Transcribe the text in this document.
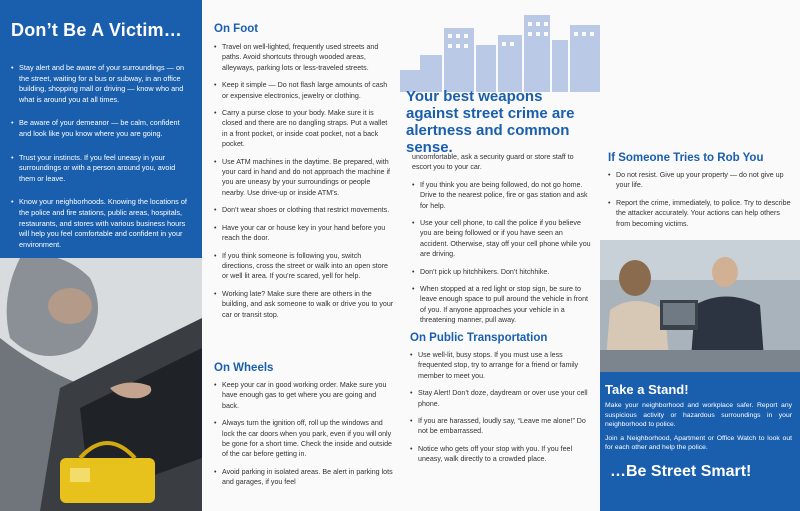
Don’t Be A Victim…
• Stay alert and be aware of your surroundings — on the street, waiting for a bus or subway, in an office building, shopping mall or driving — know who and what is around you at all times.
• Be aware of your demeanor — be calm, confident and look like you know where you are going.
• Trust your instincts. If you feel uneasy in your surroundings or with a person around you, avoid them or leave.
• Know your neighborhoods. Knowing the locations of the police and fire stations, public areas, hospitals, restaurants, and stores with various business hours will help you feel comfortable and confident in your environment.
On Foot
• Travel on well-lighted, frequently used streets and paths. Avoid shortcuts through wooded areas, alleyways, parking lots or less-traveled streets.
• Keep it simple — Do not flash large amounts of cash or expensive electronics, jewelry or clothing.
• Carry a purse close to your body. Make sure it is closed and there are no dangling straps. Put a wallet in a front pocket, or inside coat pocket, not a back pocket.
• Use ATM machines in the daytime. Be prepared, with your card in hand and do not approach the machine if you are uneasy by your surroundings or people nearby. Use drive-up or inside ATM’s.
• Don’t wear shoes or clothing that restrict movements.
• Have your car or house key in your hand before you reach the door.
• If you think someone is following you, switch directions, cross the street or walk into an open store or well lit area. If you’re scared, yell for help.
• Working late? Make sure there are others in the building, and ask someone to walk or drive you to your car or transit stop.
On Wheels
• Keep your car in good working order. Make sure you have enough gas to get where you are going and back.
• Always turn the ignition off, roll up the windows and lock the car doors when you park, even if you will only be gone for a short time. Check the inside and outside of the car before getting in.
• Avoid parking in isolated areas. Be alert in parking lots and garages, if you feel
Your best weapons against street crime are alertness and common sense.

uncomfortable, ask a security guard or store staff to escort you to your car.

• If you think you are being followed, do not go home. Drive to the nearest police, fire or gas station and ask for help.
• Use your cell phone, to call the police if you believe you are being followed or if you have seen an accident. Otherwise, stay off your cell phone while you are driving.
• Don’t pick up hitchhikers. Don’t hitchhike.
• When stopped at a red light or stop sign, be sure to leave enough space to pull around the vehicle in front of you. If anyone approaches your vehicle in a threatening manner, pull away.
On Public Transportation
• Use well-lit, busy stops. If you must use a less frequented stop, try to arrange for a friend or family member to meet you.
• Stay Alert! Don’t doze, daydream or over use your cell phone.
• If you are harassed, loudly say, “Leave me alone!” Do not be embarrassed.
• Notice who gets off your stop with you. If you feel uneasy, walk directly to a crowded place.
If Someone Tries to Rob You
• Do not resist. Give up your property — do not give up your life.
• Report the crime, immediately, to police. Try to describe the attacker accurately. Your actions can help others from becoming victims.
Take a Stand!

Make your neighborhood and workplace safer. Report any suspicious activity or hazardous surroundings in your neighborhood to police.

Join a Neighborhood, Apartment or Office Watch to look out for each other and help the police.

…Be Street Smart!
